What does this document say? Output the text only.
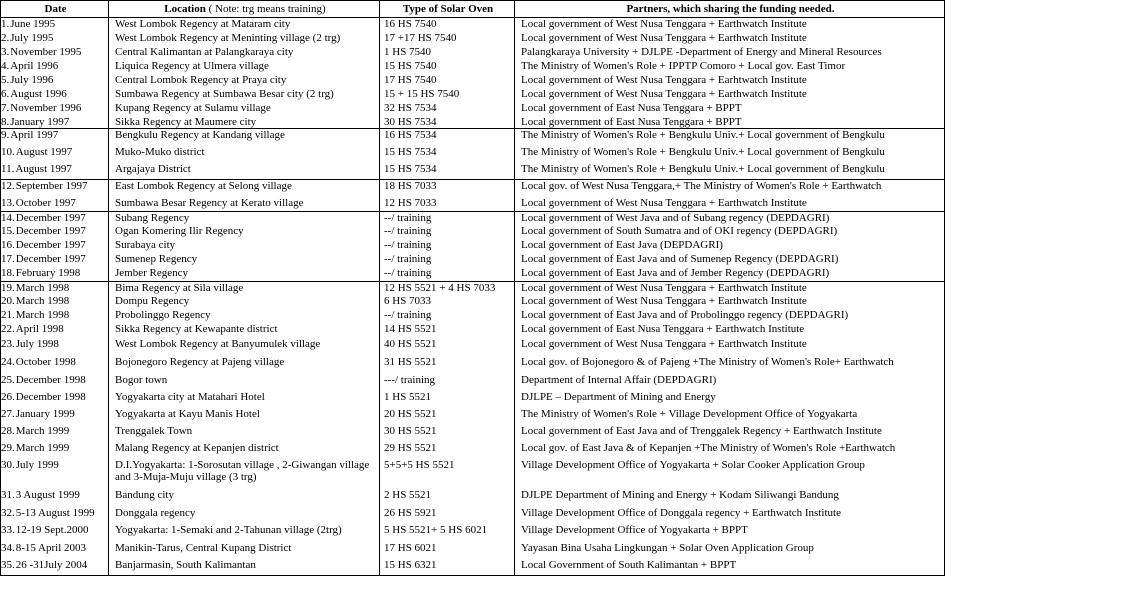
Date	Location ( Note: trg means training)	Type of Solar Oven	Partners, which sharing the funding needed.
1.June 1995	West Lombok Regency at Mataram city	16 HS 7540	Local government of West Nusa Tenggara + Earthwatch Institute
2.July 1995	West Lombok Regency at Meninting village (2 trg)	17 +17 HS 7540	Local government of West Nusa Tenggara + Earthwatch Institute
3.November 1995	Central Kalimantan at Palangkaraya city	1 HS 7540	Palangkaraya University + DJLPE -Department of Energy and Mineral Resources
4.April 1996	Liquica Regency at Ulmera village	15 HS 7540	The Ministry of Women's Role + IPPTP Comoro + Local gov. East Timor
5.July 1996	Central Lombok Regency at Praya city	17 HS 7540	Local government of West Nusa Tenggara + Earhtwatch Institute
6.August 1996	Sumbawa Regency at Sumbawa Besar city (2 trg)	15 + 15 HS 7540	Local government of West Nusa Tenggara + Earthwatch Institute
7.November 1996	Kupang Regency at Sulamu village	32 HS 7534	Local government of East Nusa Tenggara + BPPT
8.January 1997	Sikka Regency at Maumere city	30 HS 7534	Local government of East Nusa Tenggara + BPPT
9.April 1997	Bengkulu Regency at Kandang village	16 HS 7534	The Ministry of Women's Role + Bengkulu Univ.+ Local government of Bengkulu
10.August 1997	Muko-Muko district	15 HS 7534	The Ministry of Women's Role + Bengkulu Univ.+ Local government of Bengkulu
11.August 1997	Argajaya District	15 HS 7534	The Ministry of Women's Role + Bengkulu Univ.+ Local government of Bengkulu
12.September 1997	East Lombok Regency at Selong village	18 HS 7033	Local gov. of West Nusa Tenggara,+ The Ministry of Women's Role + Earthwatch
13.October 1997	Sumbawa Besar Regency at Kerato village	12 HS 7033	Local government of West Nusa Tenggara + Earthwatch Institute
14.December 1997	Subang Regency	--/ training	Local government of West Java and of Subang regency (DEPDAGRI)
15.December 1997	Ogan Komering Ilir Regency	--/ training	Local government of South Sumatra and of OKI regency (DEPDAGRI)
16.December 1997	Surabaya city	--/ training	Local government of East Java (DEPDAGRI)
17.December 1997	Sumenep Regency	--/ training	Local government of East Java and of Sumenep Regency (DEPDAGRI)
18.February 1998	Jember Regency	--/ training	Local government of East Java and of Jember Regency (DEPDAGRI)
19.March 1998	Bima Regency at Sila village	12 HS 5521 + 4 HS 7033	Local government of West Nusa Tenggara + Earthwatch Institute
20.March 1998	Dompu Regency	6 HS 7033	Local government of West Nusa Tenggara + Earthwatch Institute
21.March 1998	Probolinggo Regency	--/ training	Local government of East Java and of Probolinggo regency (DEPDAGRI)
22.April 1998	Sikka Regency at Kewapante district	14 HS 5521	Local government of East Nusa Tenggara + Earthwatch Institute
23.July 1998	West Lombok Regency at Banyumulek village	40 HS 5521	Local government of West Nusa Tenggara + Earthwatch Institute
24.October 1998	Bojonegoro Regency at Pajeng village	31 HS 5521	Local gov. of Bojonegoro & of Pajeng +The Ministry of Women's Role+ Earthwatch
25.December 1998	Bogor town	---/ training	Department of Internal Affair (DEPDAGRI)
26.December 1998	Yogyakarta city at Matahari Hotel	1 HS 5521	DJLPE – Department of Mining and Energy
27.January 1999	Yogyakarta at Kayu Manis Hotel	20 HS 5521	The Ministry of Women's Role + Village Development Office of Yogyakarta
28.March 1999	Trenggalek Town	30 HS 5521	Local government of East Java and of Trenggalek Regency + Earthwatch Institute
29.March 1999	Malang Regency at Kepanjen district	29 HS 5521	Local gov. of East Java & of Kepanjen +The Ministry of Women's Role +Earthwatch
30.July 1999	D.I.Yogyakarta: 1-Sorosutan village , 2-Giwangan village and 3-Muja-Muju village (3 trg)	5+5+5 HS 5521	Village Development Office of Yogyakarta + Solar Cooker Application Group
31.3 August 1999	Bandung city	2 HS 5521	DJLPE Department of Mining and Energy + Kodam Siliwangi Bandung
32.5-13 August 1999	Donggala regency	26 HS 5921	Village Development Office of Donggala regency + Earthwatch Institute
33.12-19 Sept.2000	Yogyakarta: 1-Semaki and 2-Tahunan village (2trg)	5 HS 5521+ 5 HS 6021	Village Development Office of Yogyakarta + BPPT
34.8-15 April 2003	Manikin-Tarus, Central Kupang District	17 HS 6021	Yayasan Bina Usaha Lingkungan + Solar Oven Application Group
35.26 -31July 2004	Banjarmasin, South Kalimantan	15 HS 6321	Local Government of South Kalimantan + BPPT
